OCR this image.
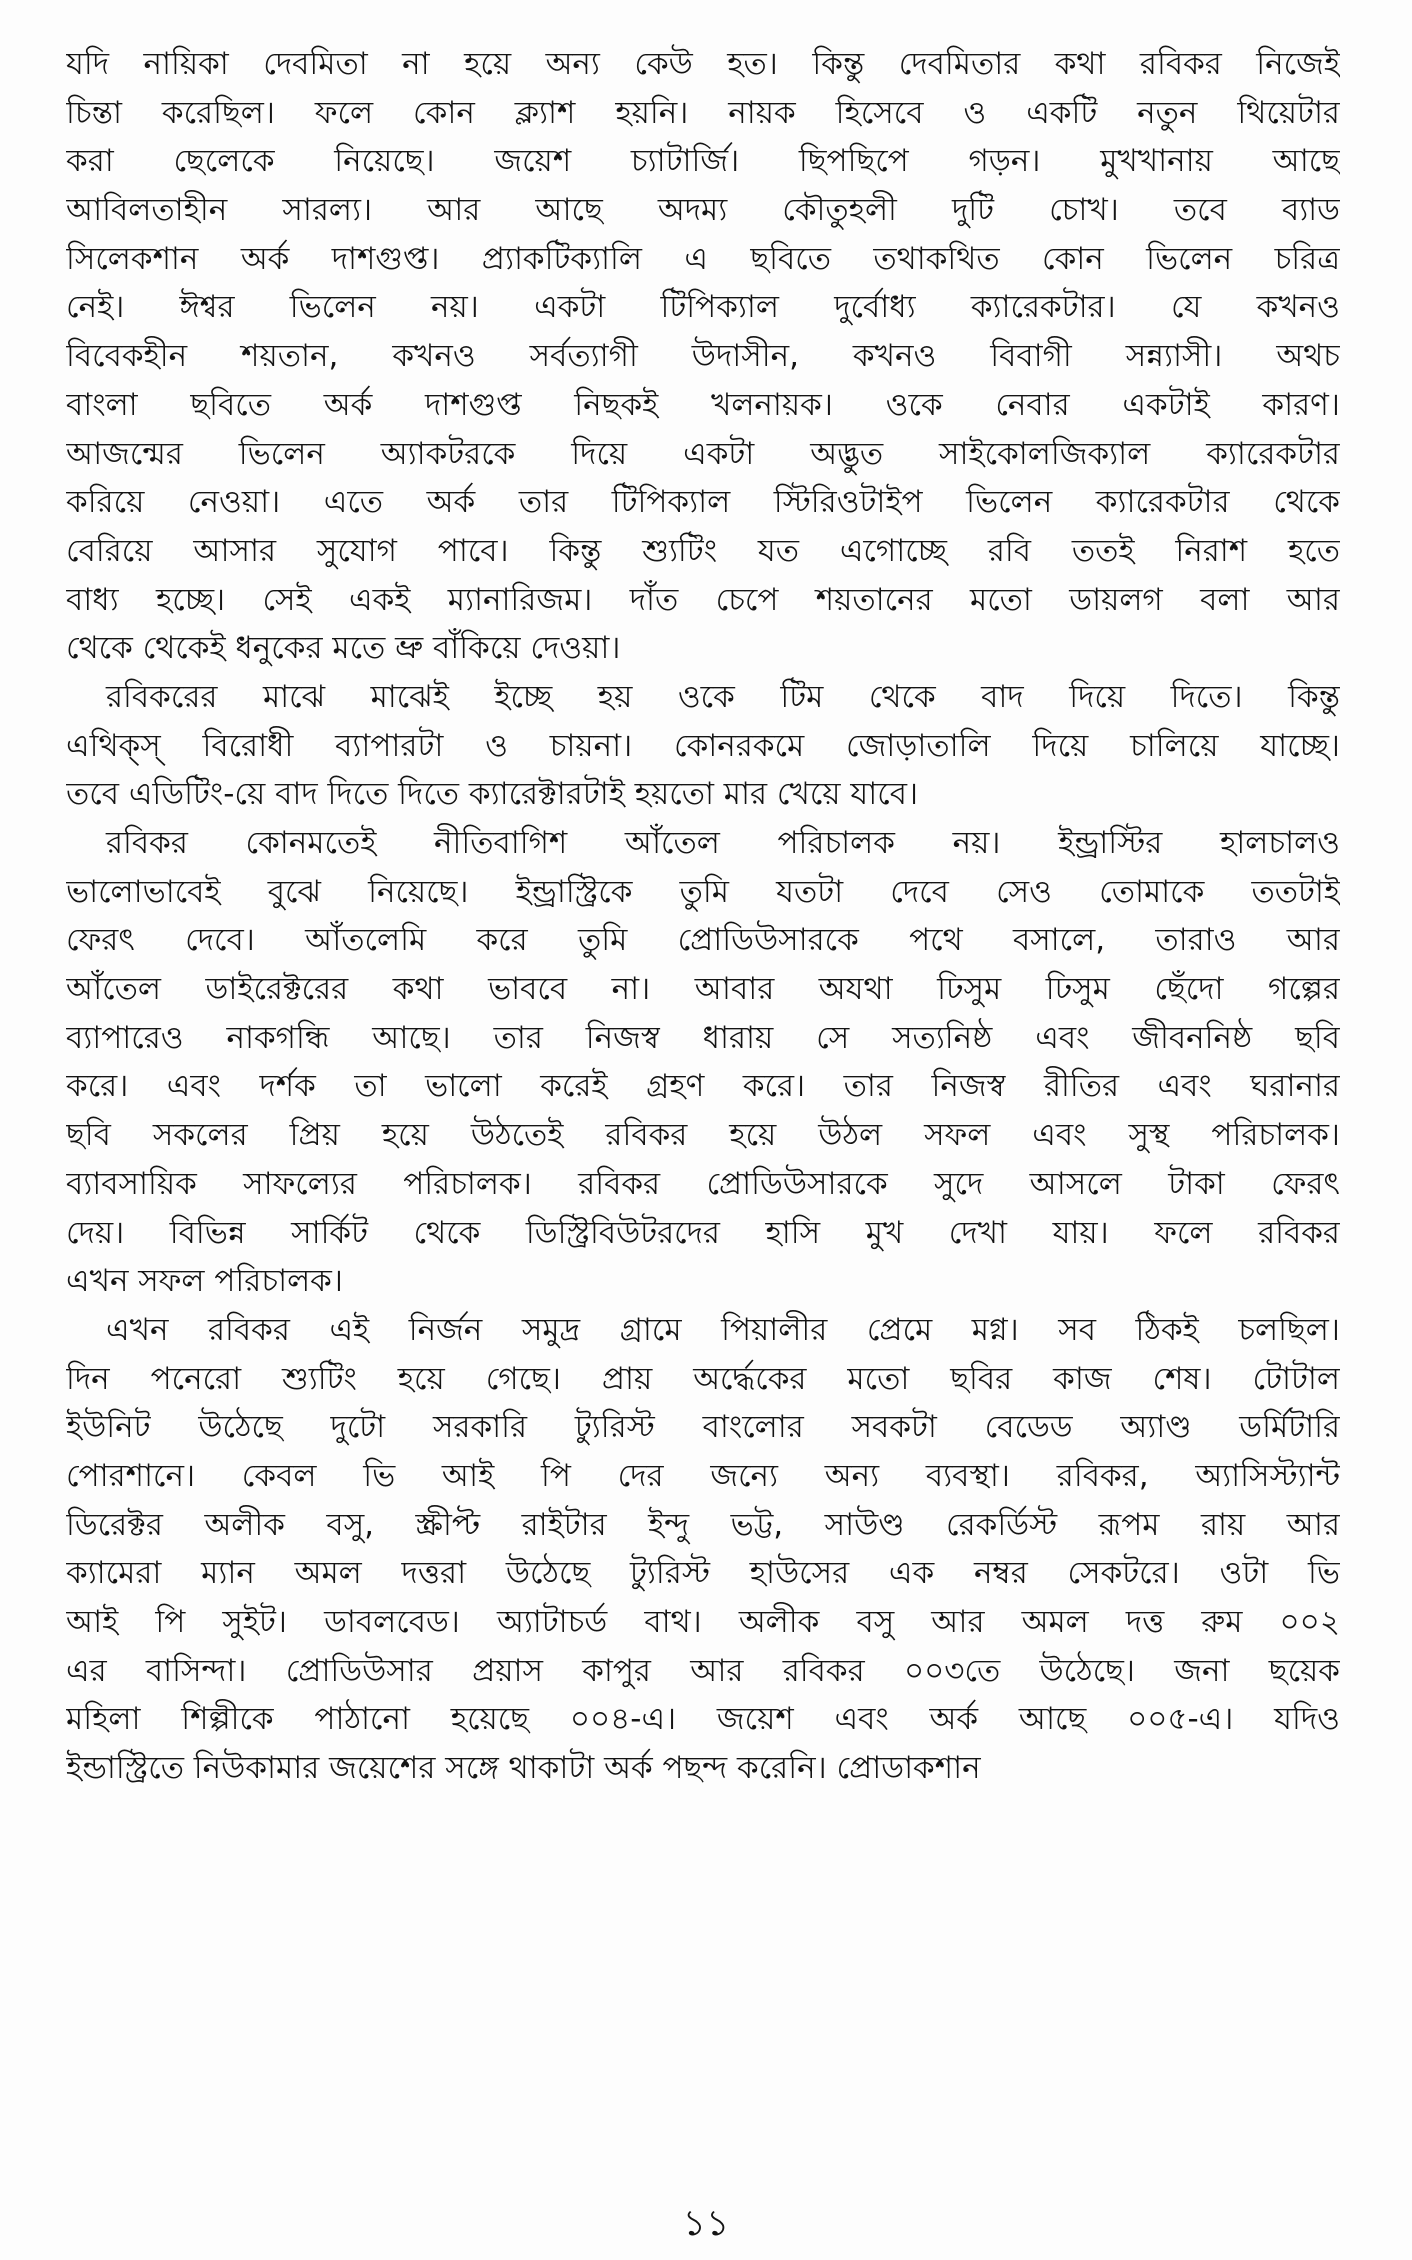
যদি নায়িকা দেবমিতা না হয়ে অন্য কেউ হত। কিন্তু দেবমিতার কথা রবিকর নিজেই
চিন্তা করেছিল। ফলে কোন ক্ল্যাশ হয়নি। নায়ক হিসেবে ও একটি নতুন থিয়েটার
করা ছেলেকে নিয়েছে। জয়েশ চ্যাটার্জি। ছিপছিপে গড়ন। মুখখানায় আছে
আবিলতাহীন সারল্য। আর আছে অদম্য কৌতুহলী দুটি চোখ। তবে ব্যাড
সিলেকশান অর্ক দাশগুপ্ত। প্র্যাকটিক্যালি এ ছবিতে তথাকথিত কোন ভিলেন চরিত্র
নেই। ঈশ্বর ভিলেন নয়। একটা টিপিক্যাল দুর্বোধ্য ক্যারেকটার। যে কখনও
বিবেকহীন শয়তান, কখনও সর্বত্যাগী উদাসীন, কখনও বিবাগী সন্ন্যাসী। অথচ
বাংলা ছবিতে অর্ক দাশগুপ্ত নিছকই খলনায়ক। ওকে নেবার একটাই কারণ।
আজন্মের ভিলেন অ্যাকটরকে দিয়ে একটা অদ্ভুত সাইকোলজিক্যাল ক্যারেকটার
করিয়ে নেওয়া। এতে অর্ক তার টিপিক্যাল স্টিরিওটাইপ ভিলেন ক্যারেকটার থেকে
বেরিয়ে আসার সুযোগ পাবে। কিন্তু শ্যুটিং যত এগোচ্ছে রবি ততই নিরাশ হতে
বাধ্য হচ্ছে। সেই একই ম্যানারিজম। দাঁত চেপে শয়তানের মতো ডায়লগ বলা আর
থেকে থেকেই ধনুকের মতে ভ্রু বাঁকিয়ে দেওয়া।
রবিকরের মাঝে মাঝেই ইচ্ছে হয় ওকে টিম থেকে বাদ দিয়ে দিতে। কিন্তু
এথিক্‌স্ বিরোধী ব্যাপারটা ও চায়না। কোনরকমে জোড়াতালি দিয়ে চালিয়ে যাচ্ছে।
তবে এডিটিং-য়ে বাদ দিতে দিতে ক্যারেক্টারটাই হয়তো মার খেয়ে যাবে।
রবিকর কোনমতেই নীতিবাগিশ আঁতেল পরিচালক নয়। ইন্ড্রাস্টির হালচালও
ভালোভাবেই বুঝে নিয়েছে। ইন্ড্রাস্ট্রিকে তুমি যতটা দেবে সেও তোমাকে ততটাই
ফেরৎ দেবে। আঁতলেমি করে তুমি প্রোডিউসারকে পথে বসালে, তারাও আর
আঁতেল ডাইরেক্টরের কথা ভাববে না। আবার অযথা ঢিসুম ঢিসুম ছেঁদো গল্পের
ব্যাপারেও নাকগন্ধি আছে। তার নিজস্ব ধারায় সে সত্যনিষ্ঠ এবং জীবননিষ্ঠ ছবি
করে। এবং দর্শক তা ভালো করেই গ্রহণ করে। তার নিজস্ব রীতির এবং ঘরানার
ছবি সকলের প্রিয় হয়ে উঠতেই রবিকর হয়ে উঠল সফল এবং সুস্থ পরিচালক।
ব্যাবসায়িক সাফল্যের পরিচালক। রবিকর প্রোডিউসারকে সুদে আসলে টাকা ফেরৎ
দেয়। বিভিন্ন সার্কিট থেকে ডিস্ট্রিবিউটরদের হাসি মুখ দেখা যায়। ফলে রবিকর
এখন সফল পরিচালক।
এখন রবিকর এই নির্জন সমুদ্র গ্রামে পিয়ালীর প্রেমে মগ্ন। সব ঠিকই চলছিল।
দিন পনেরো শ্যুটিং হয়ে গেছে। প্রায় অর্দ্ধেকের মতো ছবির কাজ শেষ। টোটাল
ইউনিট উঠেছে দুটো সরকারি ট্যুরিস্ট বাংলোর সবকটা বেডেড অ্যাণ্ড ডর্মিটারি
পোরশানে। কেবল ভি আই পি দের জন্যে অন্য ব্যবস্থা। রবিকর, অ্যাসিস্ট্যান্ট
ডিরেক্টর অলীক বসু, স্ক্রীপ্ট রাইটার ইন্দু ভট্ট, সাউণ্ড রেকর্ডিস্ট রূপম রায় আর
ক্যামেরা ম্যান অমল দত্তরা উঠেছে ট্যুরিস্ট হাউসের এক নম্বর সেকটরে। ওটা ভি
আই পি সুইট। ডাবলবেড। অ্যাটাচর্ড বাথ। অলীক বসু আর অমল দত্ত রুম ০০২
এর বাসিন্দা। প্রোডিউসার প্রয়াস কাপুর আর রবিকর ০০৩তে উঠেছে। জনা ছয়েক
মহিলা শিল্পীকে পাঠানো হয়েছে ০০৪-এ। জয়েশ এবং অর্ক আছে ০০৫-এ। যদিও
ইন্ডাস্ট্রিতে নিউকামার জয়েশের সঙ্গে থাকাটা অর্ক পছন্দ করেনি। প্রোডাকশান
১১
